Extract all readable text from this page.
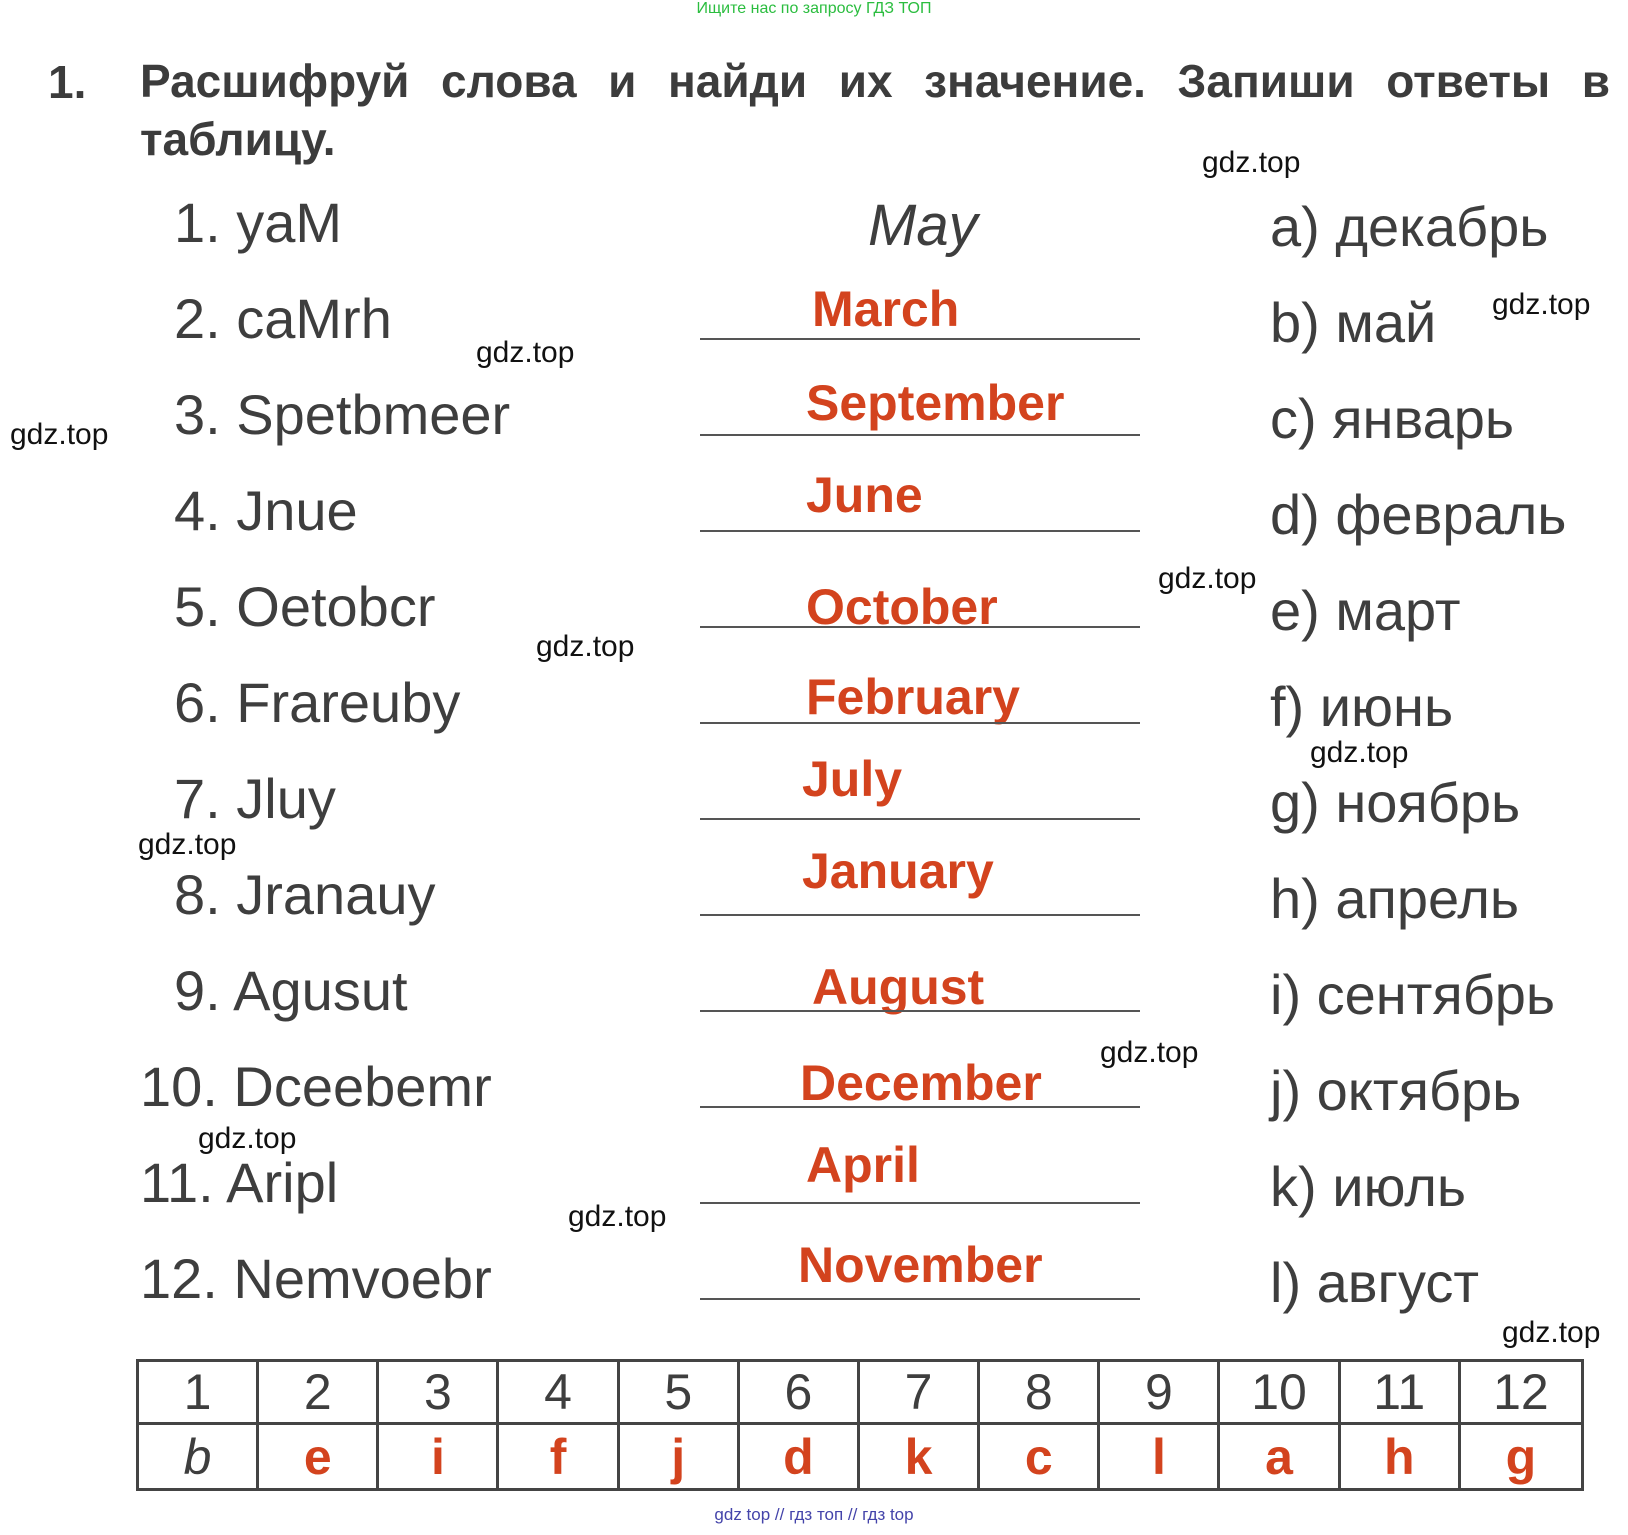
Ищите нас по запросу ГДЗ ТОП
1. Расшифруй слова и найди их значение. Запиши ответы в таблицу.
1. yaM
2. caMrh
3. Spetbmeer
4. Jnue
5. Oetobcr
6. Frareuby
7. Jluy
8. Jranauy
9. Agusut
10. Dceebemr
11. Aripl
12. Nemvoebr
May
March
September
June
October
February
July
January
August
December
April
November
a) декабрь
b) май
c) январь
d) февраль
e) март
f) июнь
g) ноябрь
h) апрель
i) сентябрь
j) октябрь
k) июль
l) август
gdz.top
gdz.top
gdz.top
gdz.top
gdz.top
gdz.top
gdz.top
gdz.top
gdz.top
gdz.top
gdz.top
gdz.top
1	2	3	4	5	6	7	8	9	10	11	12
b	e	i	f	j	d	k	c	l	a	h	g
gdz top // гдз топ // гдз top
